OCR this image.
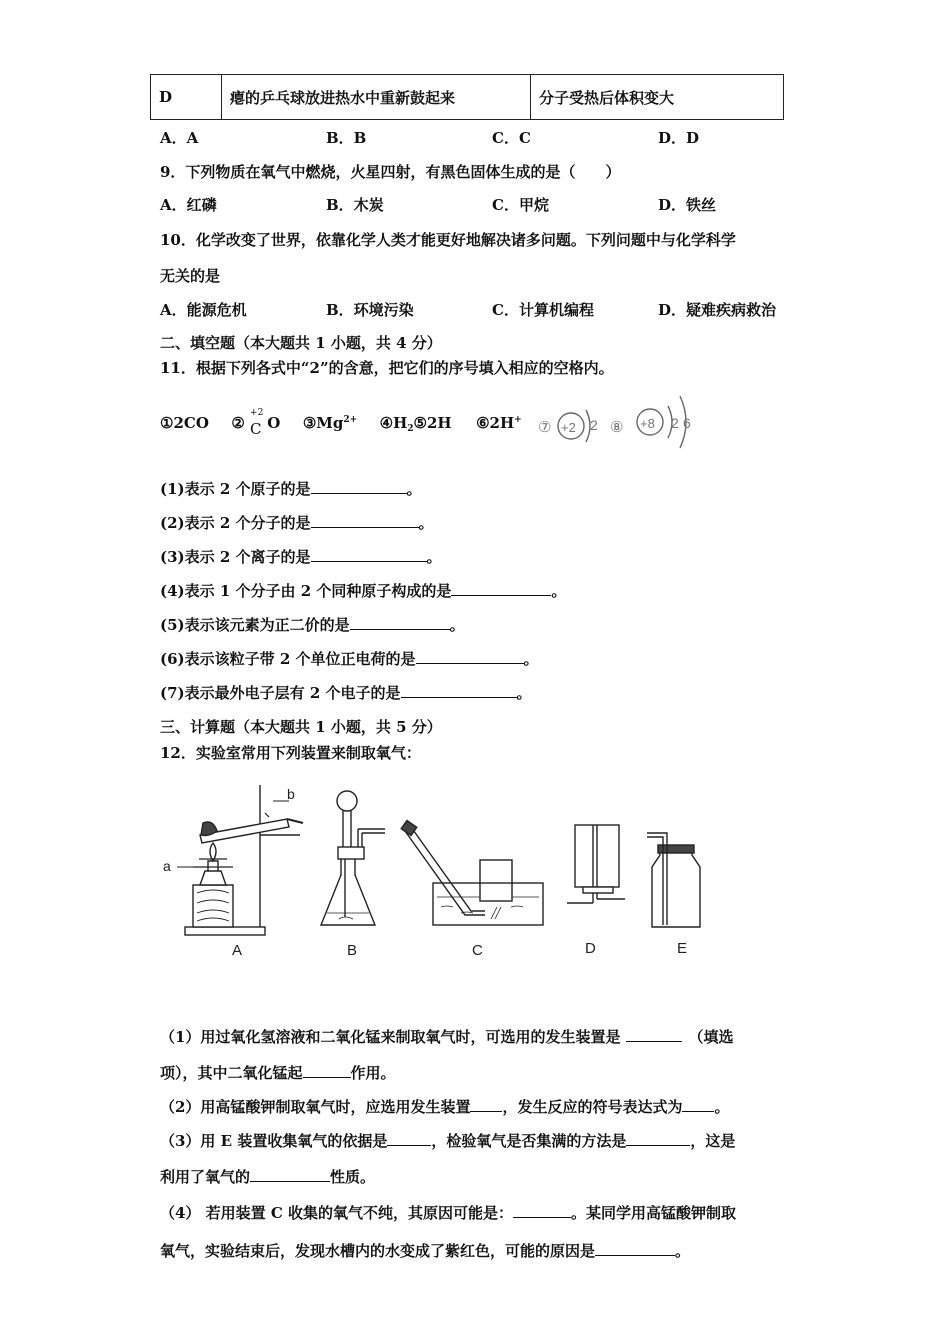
D	瘪的乒乓球放进热水中重新鼓起来	分子受热后体积变大
A．A	B．B	C．C	D．D
9．下列物质在氧气中燃烧，火星四射，有黑色固体生成的是（　　）
A．红磷	B．木炭	C．甲烷	D．铁丝
10．化学改变了世界，依靠化学人类才能更好地解决诸多问题。下列问题中与化学科学
无关的是
A．能源危机	B．环境污染	C．计算机编程	D．疑难疾病救治
二、填空题（本大题共 1 小题，共 4 分）
11．根据下列各式中“2”的含意，把它们的序号填入相应的空格内。
①2CO ②
+2
C O $③Mg^{2+}$ $④H_2⑤2H$ ⑥2H+ ⑦ +2 2 ⑧ +8 2 6
(1)表示 2 个原子的是	。
(2)表示 2 个分子的是	。
(3)表示 2 个离子的是	。
(4)表示 1 个分子由 2 个同种原子构成的是	。
(5)表示该元素为正二价的是	。
(6)表示该粒子带 2 个单位正电荷的是	。
(7)表示最外电子层有 2 个电子的是	。
三、计算题（本大题共 1 小题，共 5 分）
12．实验室常用下列装置来制取氧气：
b
a
A	B	C	D	E
（1）用过氧化氢溶液和二氧化锰来制取氧气时，可选用的发生装置是	（填选
项），其中二氧化锰起	作用。
（2）用高锰酸钾制取氧气时，应选用发生装置 ，发生反应的符号表达式为 。
（3）用 E 装置收集氧气的依据是	，检验氧气是否集满的方法是	，这是
利用了氧气的	性质。
（4） 若用装置 C 收集的氧气不纯，其原因可能是：	。某同学用高锰酸钾制取
氧气，实验结束后，发现水槽内的水变成了紫红色，可能的原因是	。
